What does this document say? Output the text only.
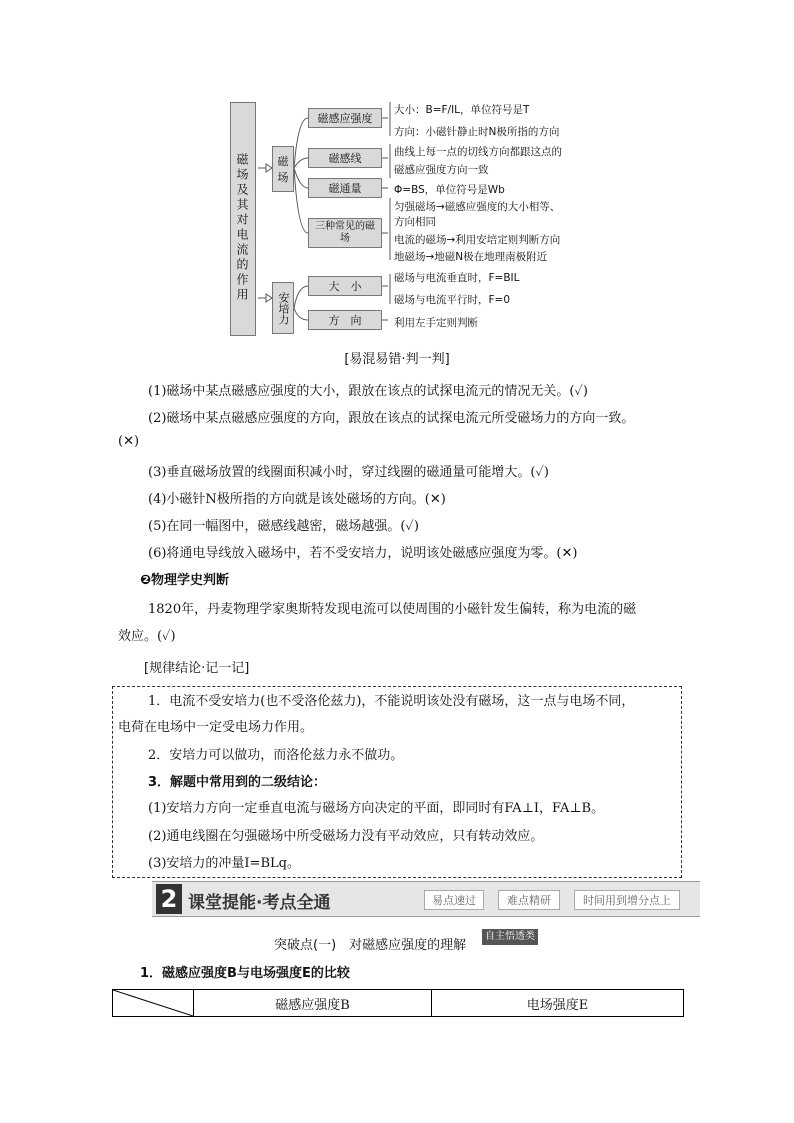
磁场及其对电流的作用	磁场
安培力
磁感应强度
磁感线
磁通量
三种常见的磁场
大　小
方　向
大小：B=F/IL，单位符号是T
方向：小磁针静止时N极所指的方向
曲线上每一点的切线方向都跟这点的
磁感应强度方向一致
Φ=BS，单位符号是Wb
匀强磁场→磁感应强度的大小相等、
方向相同
电流的磁场→利用安培定则判断方向
地磁场→地磁N极在地理南极附近
磁场与电流垂直时，F=BIL
磁场与电流平行时，F=0
利用左手定则判断
[易混易错·判一判]
(1)磁场中某点磁感应强度的大小，跟放在该点的试探电流元的情况无关。(✓)
(2)磁场中某点磁感应强度的方向，跟放在该点的试探电流元所受磁场力的方向一致。
(✕)
(3)垂直磁场放置的线圈面积减小时，穿过线圈的磁通量可能增大。(✓)
(4)小磁针N极所指的方向就是该处磁场的方向。(✕)
(5)在同一幅图中，磁感线越密，磁场越强。(✓)
(6)将通电导线放入磁场中，若不受安培力，说明该处磁感应强度为零。(✕)
❷物理学史判断
1820年，丹麦物理学家奥斯特发现电流可以使周围的小磁针发生偏转，称为电流的磁
效应。(✓)
[规律结论·记一记]
1．电流不受安培力(也不受洛伦兹力)，不能说明该处没有磁场，这一点与电场不同，
电荷在电场中一定受电场力作用。
2．安培力可以做功，而洛伦兹力永不做功。
3．解题中常用到的二级结论：
(1)安培力方向一定垂直电流与磁场方向决定的平面，即同时有FA⊥I，FA⊥B。
(2)通电线圈在匀强磁场中所受磁场力没有平动效应，只有转动效应。
(3)安培力的冲量I=BLq。
2 课堂提能·考点全通	易点速过	难点精研	时间用到增分点上
突破点(一)　对磁感应强度的理解
自主悟透类
1．磁感应强度B与电场强度E的比较
磁感应强度B	电场强度E
